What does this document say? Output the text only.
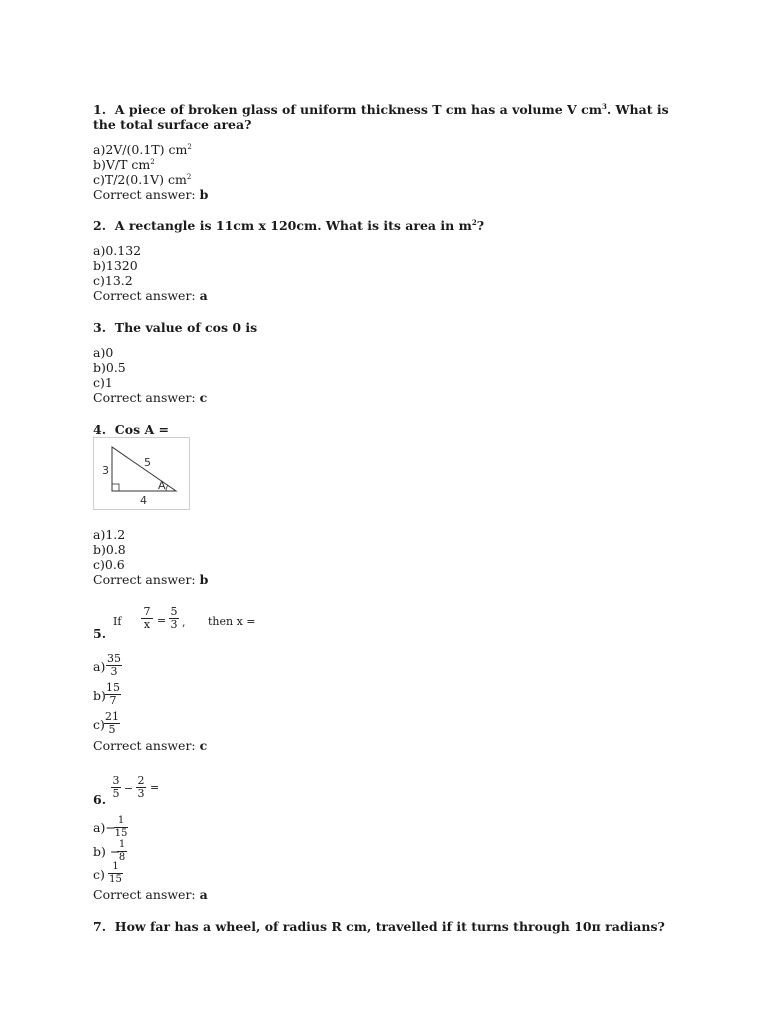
1. A piece of broken glass of uniform thickness T cm has a volume V $cm^3$. What is the total surface area?
a)2V/(0.1T) $cm^2$
b)V/T $cm^2$
c)T/2(0.1V) $cm^2$
Correct answer: b
2. A rectangle is 11cm x 120cm. What is its area in $m^2$?
a)0.132
b)1320
c)13.2
Correct answer: a
3. The value of cos 0 is
a)0
b)0.5
c)1
Correct answer: c
4. Cos A =
3
5
4
A
a)1.2
b)0.8
c)0.6
Correct answer: b
If $\frac{7}{x} = \frac{5}{3}$ , then x =
5.
$a) \frac{35}{3}$
$b) \frac{15}{7}$
$c) \frac{21}{5}$
Correct answer: c
$\frac{3}{5} - \frac{2}{3}$ =
6.
a)−
$\frac{1}{15}$
b) −
$\frac{1}{8}$
$c) \frac{1}{15}$
Correct answer: a
7. How far has a wheel, of radius R cm, travelled if it turns through 10π radians?
